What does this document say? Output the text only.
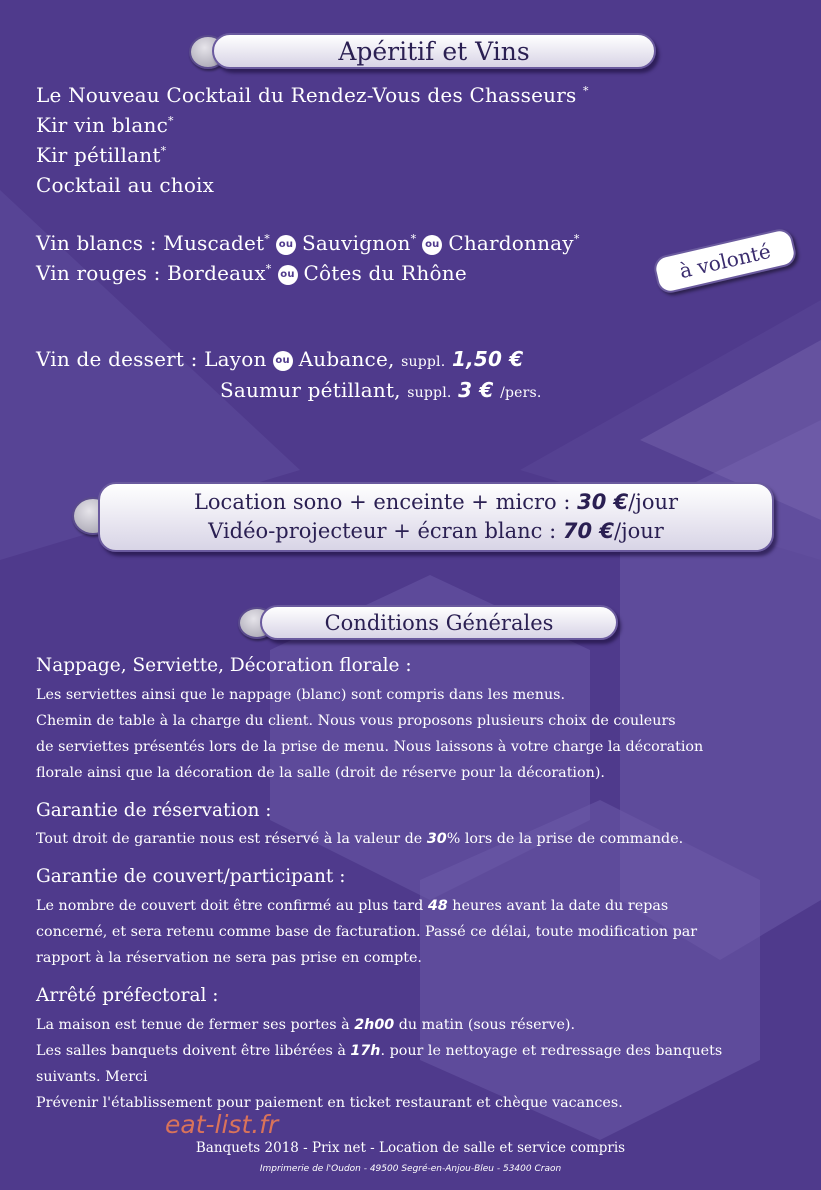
Apéritif et Vins
Le Nouveau Cocktail du Rendez-Vous des Chasseurs *
Kir vin blanc*
Kir pétillant*
Cocktail au choix
Vin blancs : Muscadet* ou Sauvignon* ou Chardonnay*
Vin rouges : Bordeaux* ou Côtes du Rhône	à volonté
Vin de dessert : Layon ou Aubance, suppl. 1,50 €
Saumur pétillant, suppl. 3 € /pers.
Location sono + enceinte + micro : 30 €/jour
Vidéo-projecteur + écran blanc : 70 €/jour
Conditions Générales
Nappage, Serviette, Décoration florale :
Les serviettes ainsi que le nappage (blanc) sont compris dans les menus.
Chemin de table à la charge du client. Nous vous proposons plusieurs choix de couleurs
de serviettes présentés lors de la prise de menu. Nous laissons à votre charge la décoration
florale ainsi que la décoration de la salle (droit de réserve pour la décoration).
Garantie de réservation :
Tout droit de garantie nous est réservé à la valeur de 30% lors de la prise de commande.
Garantie de couvert/participant :
Le nombre de couvert doit être confirmé au plus tard 48 heures avant la date du repas
concerné, et sera retenu comme base de facturation. Passé ce délai, toute modification par
rapport à la réservation ne sera pas prise en compte.
Arrêté préfectoral :
La maison est tenue de fermer ses portes à 2h00 du matin (sous réserve).
Les salles banquets doivent être libérées à 17h. pour le nettoyage et redressage des banquets
suivants. Merci
Prévenir l'établissement pour paiement en ticket restaurant et chèque vacances.
eat-list.fr
Banquets 2018 - Prix net - Location de salle et service compris
Imprimerie de l'Oudon - 49500 Segré-en-Anjou-Bleu - 53400 Craon
